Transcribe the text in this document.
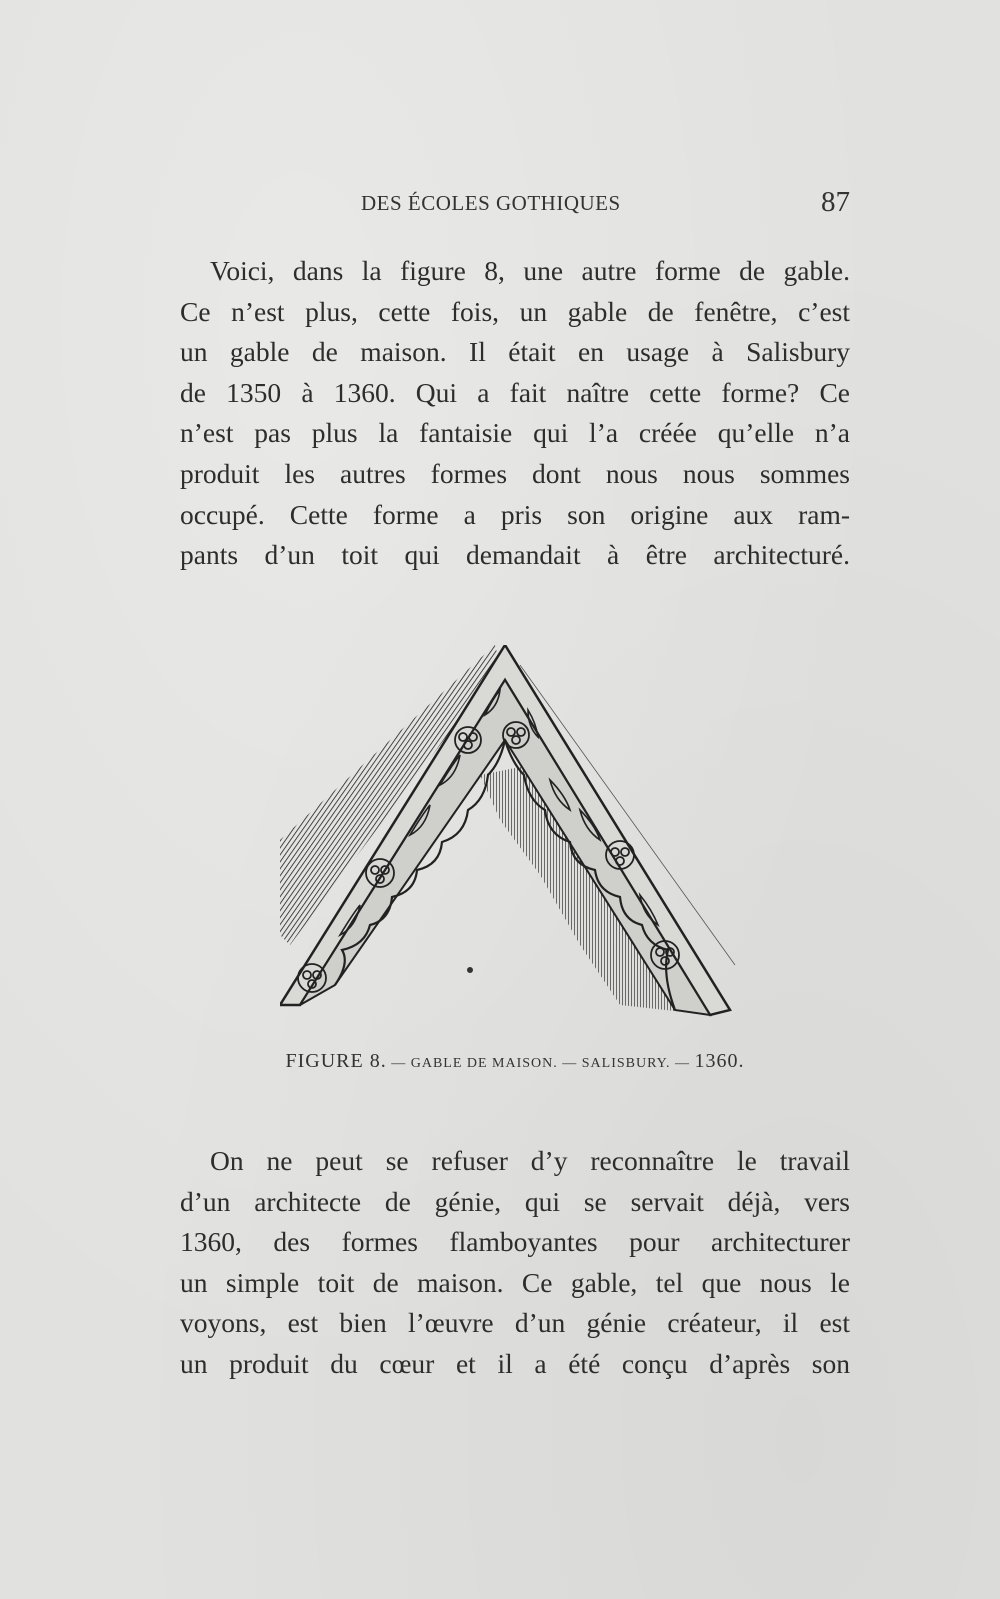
DES ÉCOLES GOTHIQUES	87

Voici, dans la figure 8, une autre forme de gable.
Ce n’est plus, cette fois, un gable de fenêtre, c’est
un gable de maison. Il était en usage à Salisbury
de 1350 à 1360. Qui a fait naître cette forme? Ce
n’est pas plus la fantaisie qui l’a créée qu’elle n’a
produit les autres formes dont nous nous sommes
occupé. Cette forme a pris son origine aux ram-
pants d’un toit qui demandait à être architecturé.

FIGURE 8. — GABLE DE MAISON. — SALISBURY. — 1360.

On ne peut se refuser d’y reconnaître le travail
d’un architecte de génie, qui se servait déjà, vers
1360, des formes flamboyantes pour architecturer
un simple toit de maison. Ce gable, tel que nous le
voyons, est bien l’œuvre d’un génie créateur, il est
un produit du cœur et il a été conçu d’après son
